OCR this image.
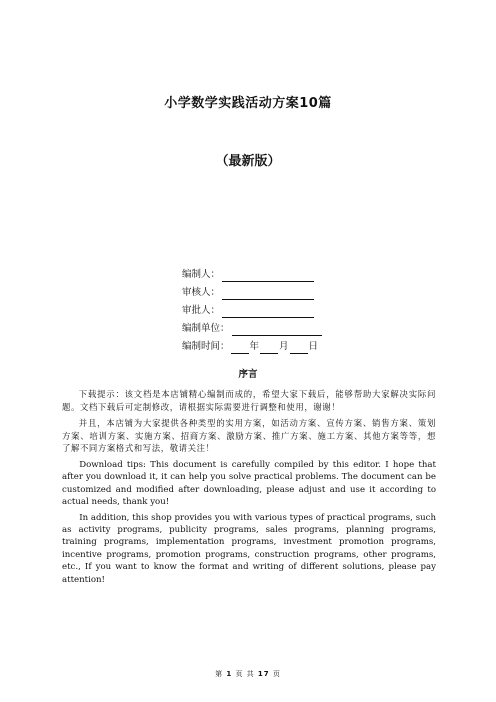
小学数学实践活动方案10篇
（最新版）
编制人：
审核人：
审批人：
编制单位：
编制时间： 年 月 日
序言

下载提示：该文档是本店铺精心编制而成的，希望大家下载后，能够帮助大家解决实际问题。文档下载后可定制修改，请根据实际需要进行调整和使用，谢谢！

并且，本店铺为大家提供各种类型的实用方案，如活动方案、宣传方案、销售方案、策划方案、培训方案、实施方案、招商方案、激励方案、推广方案、施工方案、其他方案等等，想了解不同方案格式和写法，敬请关注！

Download tips: This document is carefully compiled by this editor. I hope that after you download it, it can help you solve practical problems. The document can be customized and modified after downloading, please adjust and use it according to actual needs, thank you!

In addition, this shop provides you with various types of practical programs, such as activity programs, publicity programs, sales programs, planning programs, training programs, implementation programs, investment promotion programs, incentive programs, promotion programs, construction programs, other programs, etc., If you want to know the format and writing of different solutions, please pay attention!

第 1 页 共 17 页
